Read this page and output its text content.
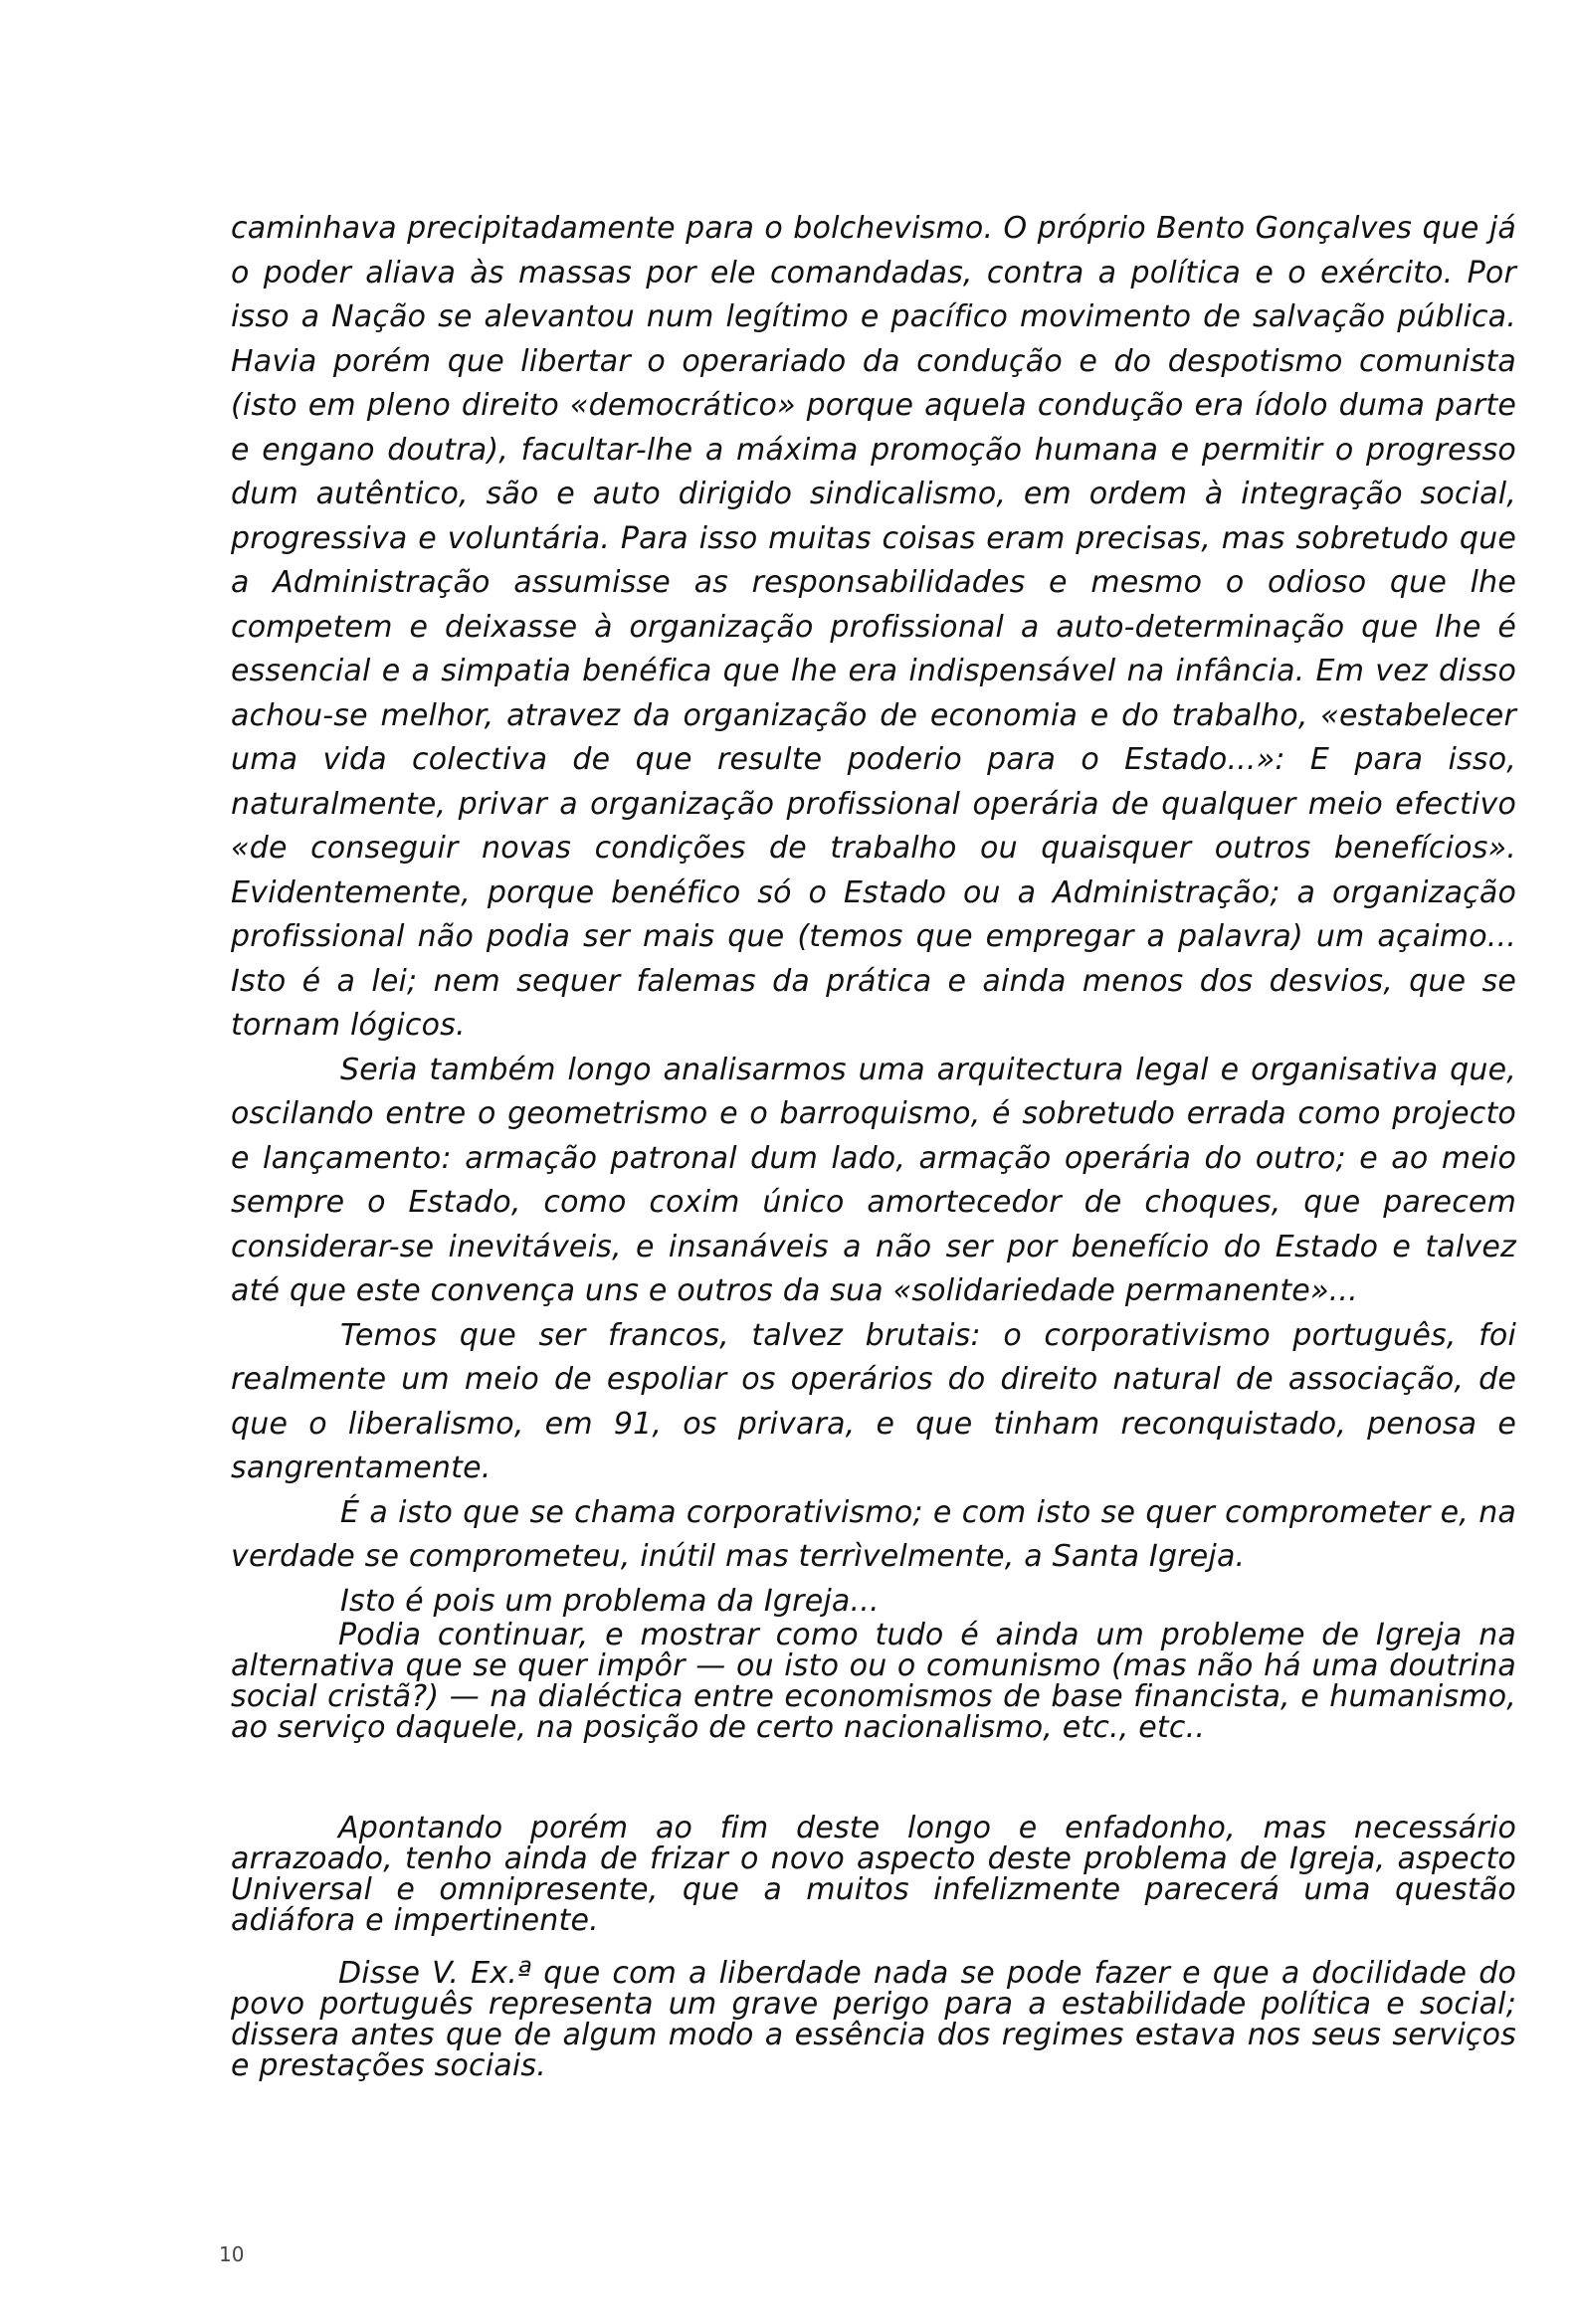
caminhava precipitadamente para o bolchevismo. O próprio Bento Gonçalves que já o poder aliava às massas por ele comandadas, contra a política e o exército. Por isso a Nação se alevantou num legítimo e pacífico movimento de salvação pública. Havia porém que libertar o operariado da condução e do despotismo comunista (isto em pleno direito «democrático» porque aquela condução era ídolo duma parte e engano doutra), facultar-lhe a máxima promoção humana e permitir o progresso dum autêntico, são e auto dirigido sindicalismo, em ordem à integração social, progressiva e voluntária. Para isso muitas coisas eram precisas, mas sobretudo que a Administração assumisse as responsabilidades e mesmo o odioso que lhe competem e deixasse à organização profissional a auto-determinação que lhe é essencial e a simpatia benéfica que lhe era indispensável na infância. Em vez disso achou-se melhor, atravez da organização de economia e do trabalho, «estabelecer uma vida colectiva de que resulte poderio para o Estado...»: E para isso, naturalmente, privar a organização profissional operária de qualquer meio efectivo «de conseguir novas condições de trabalho ou quaisquer outros benefícios». Evidentemente, porque benéfico só o Estado ou a Administração; a organização profissional não podia ser mais que (temos que empregar a palavra) um açaimo... Isto é a lei; nem sequer falemas da prática e ainda menos dos desvios, que se tornam lógicos.

Seria também longo analisarmos uma arquitectura legal e organisativa que, oscilando entre o geometrismo e o barroquismo, é sobretudo errada como projecto e lançamento: armação patronal dum lado, armação operária do outro; e ao meio sempre o Estado, como coxim único amortecedor de choques, que parecem considerar-se inevitáveis, e insanáveis a não ser por benefício do Estado e talvez até que este convença uns e outros da sua «solidariedade permanente»...

Temos que ser francos, talvez brutais: o corporativismo português, foi realmente um meio de espoliar os operários do direito natural de associação, de que o liberalismo, em 91, os privara, e que tinham reconquistado, penosa e sangrentamente.

É a isto que se chama corporativismo; e com isto se quer comprometer e, na verdade se comprometeu, inútil mas terrìvelmente, a Santa Igreja.

Isto é pois um problema da Igreja...

Podia continuar, e mostrar como tudo é ainda um probleme de Igreja na alternativa que se quer impôr — ou isto ou o comunismo (mas não há uma doutrina social cristã?) — na dialéctica entre economismos de base financista, e humanismo, ao serviço daquele, na posição de certo nacionalismo, etc., etc..

Apontando porém ao fim deste longo e enfadonho, mas necessário arrazoado, tenho ainda de frizar o novo aspecto deste problema de Igreja, aspecto Universal e omnipresente, que a muitos infelizmente parecerá uma questão adiáfora e impertinente.

Disse V. Ex.ª que com a liberdade nada se pode fazer e que a docilidade do povo português representa um grave perigo para a estabilidade política e social; dissera antes que de algum modo a essência dos regimes estava nos seus serviços e prestações sociais.

10
